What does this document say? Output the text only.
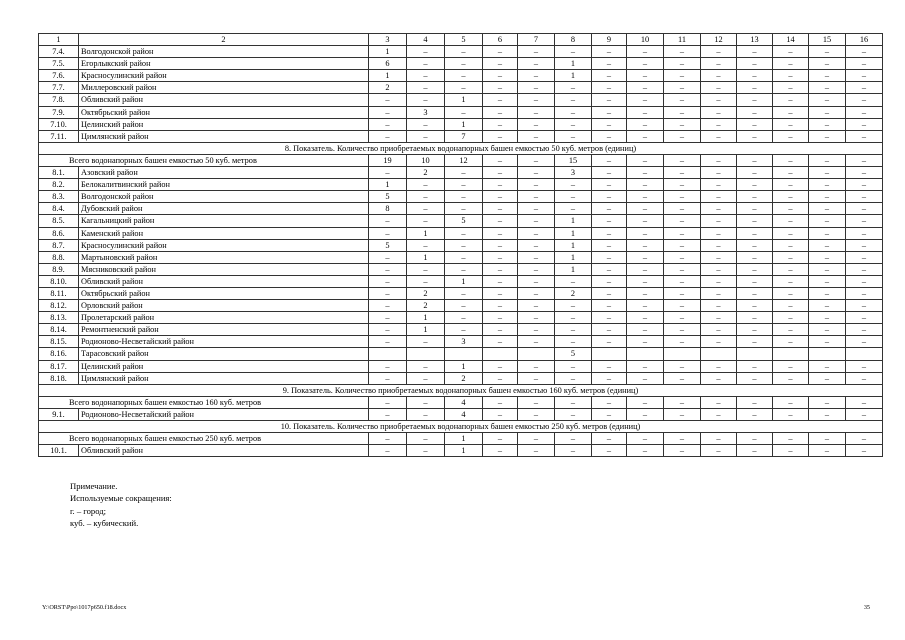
1	2	3	4	5	6	7	8	9	10	11	12	13	14	15	16
7.4.	Волгодонской район	1	–	–	–	–	–	–	–	–	–	–	–	–	–
7.5.	Егорлыкский район	6	–	–	–	–	1	–	–	–	–	–	–	–	–
7.6.	Красносулинский район	1	–	–	–	–	1	–	–	–	–	–	–	–	–
7.7.	Миллеровский район	2	–	–	–	–	–	–	–	–	–	–	–	–	–
7.8.	Обливский район	–	–	1	–	–	–	–	–	–	–	–	–	–	–
7.9.	Октябрьский район	–	3	–	–	–	–	–	–	–	–	–	–	–	–
7.10.	Целинский район	–	–	1	–	–	–	–	–	–	–	–	–	–	–
7.11.	Цимлянский район	–	–	7	–	–	–	–	–	–	–	–	–	–	–
8. Показатель. Количество приобретаемых водонапорных башен емкостью 50 куб. метров (единиц)															
Всего водонапорных башен емкостью 50 куб. метров		19	10	12	–	–	15	–	–	–	–	–	–	–	–
8.1.	Азовский район	–	2	–	–	–	3	–	–	–	–	–	–	–	–
8.2.	Белокалитвинский район	1	–	–	–	–	–	–	–	–	–	–	–	–	–
8.3.	Волгодонской район	5	–	–	–	–	–	–	–	–	–	–	–	–	–
8.4.	Дубовский район	8	–	–	–	–	–	–	–	–	–	–	–	–	–
8.5.	Кагальницкий район	–	–	5	–	–	1	–	–	–	–	–	–	–	–
8.6.	Каменский район	–	1	–	–	–	1	–	–	–	–	–	–	–	–
8.7.	Красносулинский район	5	–	–	–	–	1	–	–	–	–	–	–	–	–
8.8.	Мартыновский район	–	1	–	–	–	1	–	–	–	–	–	–	–	–
8.9.	Мясниковский район	–	–	–	–	–	1	–	–	–	–	–	–	–	–
8.10.	Обливский район	–	–	1	–	–	–	–	–	–	–	–	–	–	–
8.11.	Октябрьский район	–	2	–	–	–	2	–	–	–	–	–	–	–	–
8.12.	Орловский район	–	2	–	–	–	–	–	–	–	–	–	–	–	–
8.13.	Пролетарский район	–	1	–	–	–	–	–	–	–	–	–	–	–	–
8.14.	Ремонтненский район	–	1	–	–	–	–	–	–	–	–	–	–	–	–
8.15.	Родионово-Несветайский район	–	–	3	–	–	–	–	–	–	–	–	–	–	–
8.16.	Тарасовский район						5								
8.17.	Целинский район	–	–	1	–	–	–	–	–	–	–	–	–	–	–
8.18.	Цимлянский район	–	–	2	–	–	–	–	–	–	–	–	–	–	–
9. Показатель. Количество приобретаемых водонапорных башен емкостью 160 куб. метров (единиц)															
Всего водонапорных башен емкостью 160 куб. метров		–	–	4	–	–	–	–	–	–	–	–	–	–	–
9.1.	Родионово-Несветайский район	–	–	4	–	–	–	–	–	–	–	–	–	–	–
10. Показатель. Количество приобретаемых водонапорных башен емкостью 250 куб. метров (единиц)															
Всего водонапорных башен емкостью 250 куб. метров		–	–	1	–	–	–	–	–	–	–	–	–	–	–
10.1.	Обливский район	–	–	1	–	–	–	–	–	–	–	–	–	–	–
Примечание.
Используемые сокращения:
г. – город;
куб. – кубический.
Y:\ORST\Ppo\1017p650.f18.docx	35
